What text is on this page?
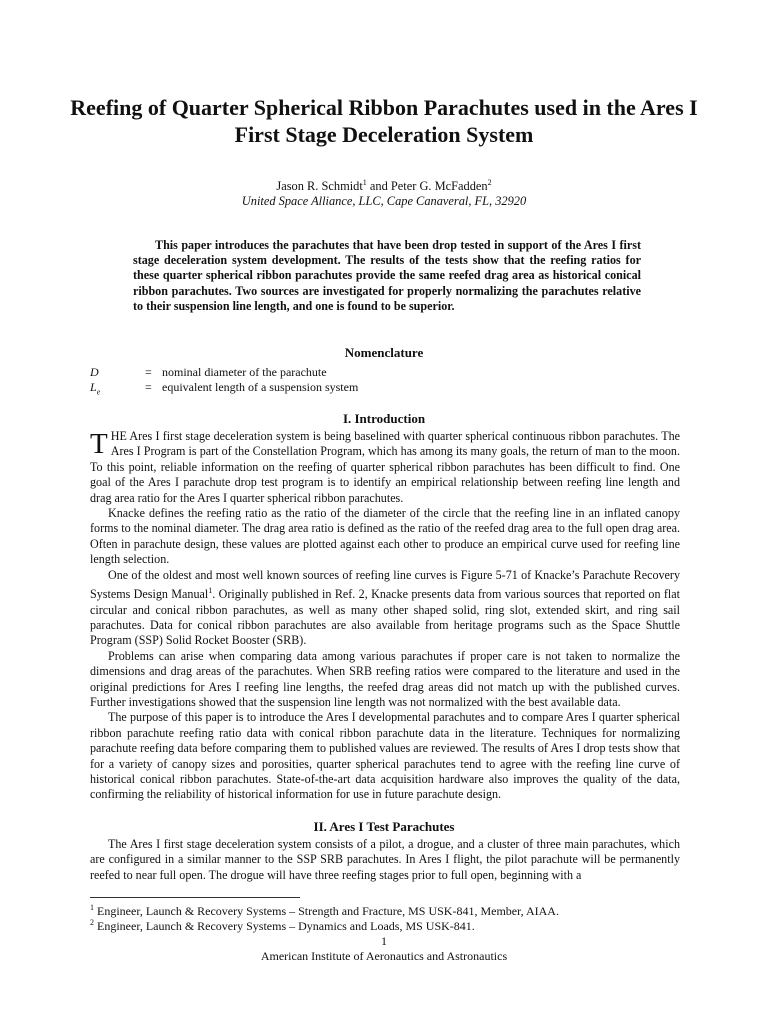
Reefing of Quarter Spherical Ribbon Parachutes used in the Ares I First Stage Deceleration System
Jason R. Schmidt$^1$ and Peter G. McFadden$^2$
United Space Alliance, LLC, Cape Canaveral, FL, 32920
This paper introduces the parachutes that have been drop tested in support of the Ares I first stage deceleration system development. The results of the tests show that the reefing ratios for these quarter spherical ribbon parachutes provide the same reefed drag area as historical conical ribbon parachutes. Two sources are investigated for properly normalizing the parachutes relative to their suspension line length, and one is found to be superior.
Nomenclature
D	= nominal diameter of the parachute
$L_e$	= equivalent length of a suspension system
I. Introduction

THE Ares I first stage deceleration system is being baselined with quarter spherical continuous ribbon parachutes. The Ares I Program is part of the Constellation Program, which has among its many goals, the return of man to the moon. To this point, reliable information on the reefing of quarter spherical ribbon parachutes has been difficult to find. One goal of the Ares I parachute drop test program is to identify an empirical relationship between reefing line length and drag area ratio for the Ares I quarter spherical ribbon parachutes.

Knacke defines the reefing ratio as the ratio of the diameter of the circle that the reefing line in an inflated canopy forms to the nominal diameter. The drag area ratio is defined as the ratio of the reefed drag area to the full open drag area. Often in parachute design, these values are plotted against each other to produce an empirical curve used for reefing line length selection.

One of the oldest and most well known sources of reefing line curves is Figure 5-71 of Knacke’s Parachute Recovery Systems Design Manual$^1$. Originally published in Ref. 2, Knacke presents data from various sources that reported on flat circular and conical ribbon parachutes, as well as many other shaped solid, ring slot, extended skirt, and ring sail parachutes. Data for conical ribbon parachutes are also available from heritage programs such as the Space Shuttle Program (SSP) Solid Rocket Booster (SRB).

Problems can arise when comparing data among various parachutes if proper care is not taken to normalize the dimensions and drag areas of the parachutes. When SRB reefing ratios were compared to the literature and used in the original predictions for Ares I reefing line lengths, the reefed drag areas did not match up with the published curves. Further investigations showed that the suspension line length was not normalized with the best available data.

The purpose of this paper is to introduce the Ares I developmental parachutes and to compare Ares I quarter spherical ribbon parachute reefing ratio data with conical ribbon parachute data in the literature. Techniques for normalizing parachute reefing data before comparing them to published values are reviewed. The results of Ares I drop tests show that for a variety of canopy sizes and porosities, quarter spherical parachutes tend to agree with the reefing line curve of historical conical ribbon parachutes. State-of-the-art data acquisition hardware also improves the quality of the data, confirming the reliability of historical information for use in future parachute design.

II. Ares I Test Parachutes

The Ares I first stage deceleration system consists of a pilot, a drogue, and a cluster of three main parachutes, which are configured in a similar manner to the SSP SRB parachutes. In Ares I flight, the pilot parachute will be permanently reefed to near full open. The drogue will have three reefing stages prior to full open, beginning with a

$^1$ Engineer, Launch & Recovery Systems – Strength and Fracture, MS USK-841, Member, AIAA.
$^2$ Engineer, Launch & Recovery Systems – Dynamics and Loads, MS USK-841.
1
American Institute of Aeronautics and Astronautics
